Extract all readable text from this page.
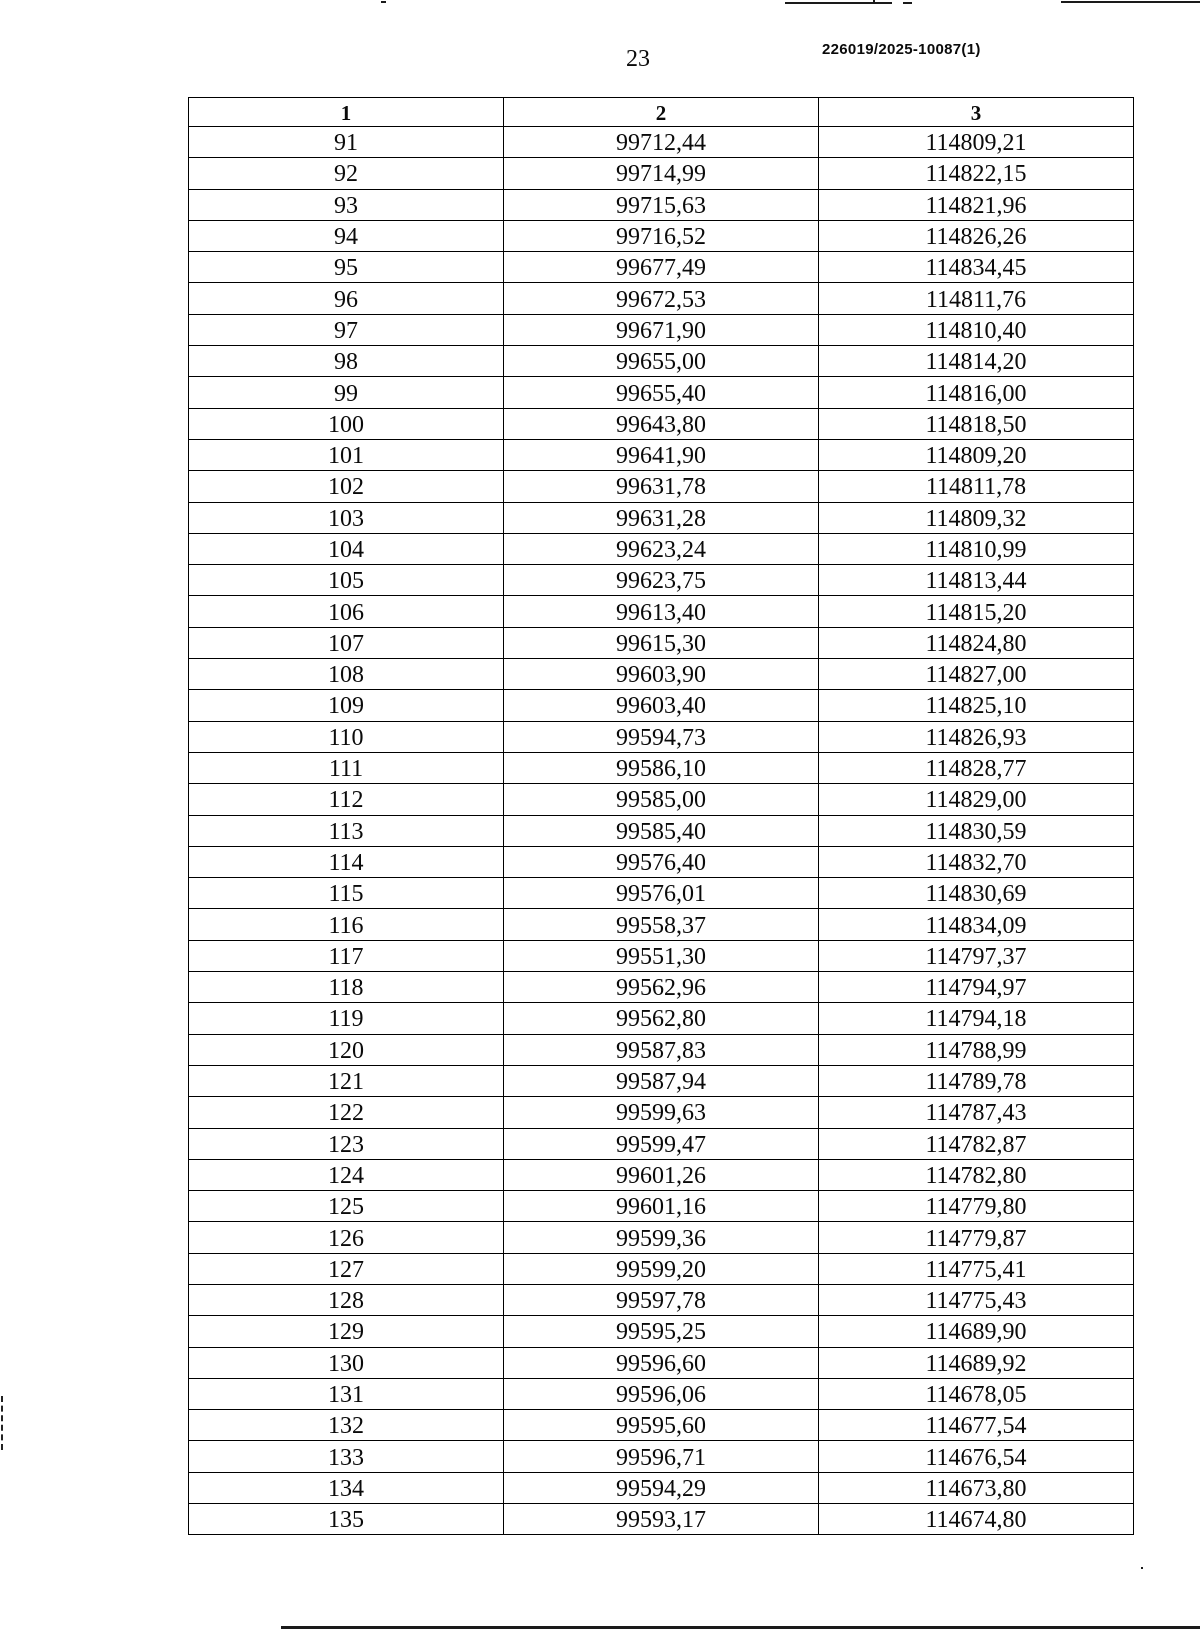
23	226019/2025-10087(1)
1	2	3
91	99712,44	114809,21
92	99714,99	114822,15
93	99715,63	114821,96
94	99716,52	114826,26
95	99677,49	114834,45
96	99672,53	114811,76
97	99671,90	114810,40
98	99655,00	114814,20
99	99655,40	114816,00
100	99643,80	114818,50
101	99641,90	114809,20
102	99631,78	114811,78
103	99631,28	114809,32
104	99623,24	114810,99
105	99623,75	114813,44
106	99613,40	114815,20
107	99615,30	114824,80
108	99603,90	114827,00
109	99603,40	114825,10
110	99594,73	114826,93
111	99586,10	114828,77
112	99585,00	114829,00
113	99585,40	114830,59
114	99576,40	114832,70
115	99576,01	114830,69
116	99558,37	114834,09
117	99551,30	114797,37
118	99562,96	114794,97
119	99562,80	114794,18
120	99587,83	114788,99
121	99587,94	114789,78
122	99599,63	114787,43
123	99599,47	114782,87
124	99601,26	114782,80
125	99601,16	114779,80
126	99599,36	114779,87
127	99599,20	114775,41
128	99597,78	114775,43
129	99595,25	114689,90
130	99596,60	114689,92
131	99596,06	114678,05
132	99595,60	114677,54
133	99596,71	114676,54
134	99594,29	114673,80
135	99593,17	114674,80
